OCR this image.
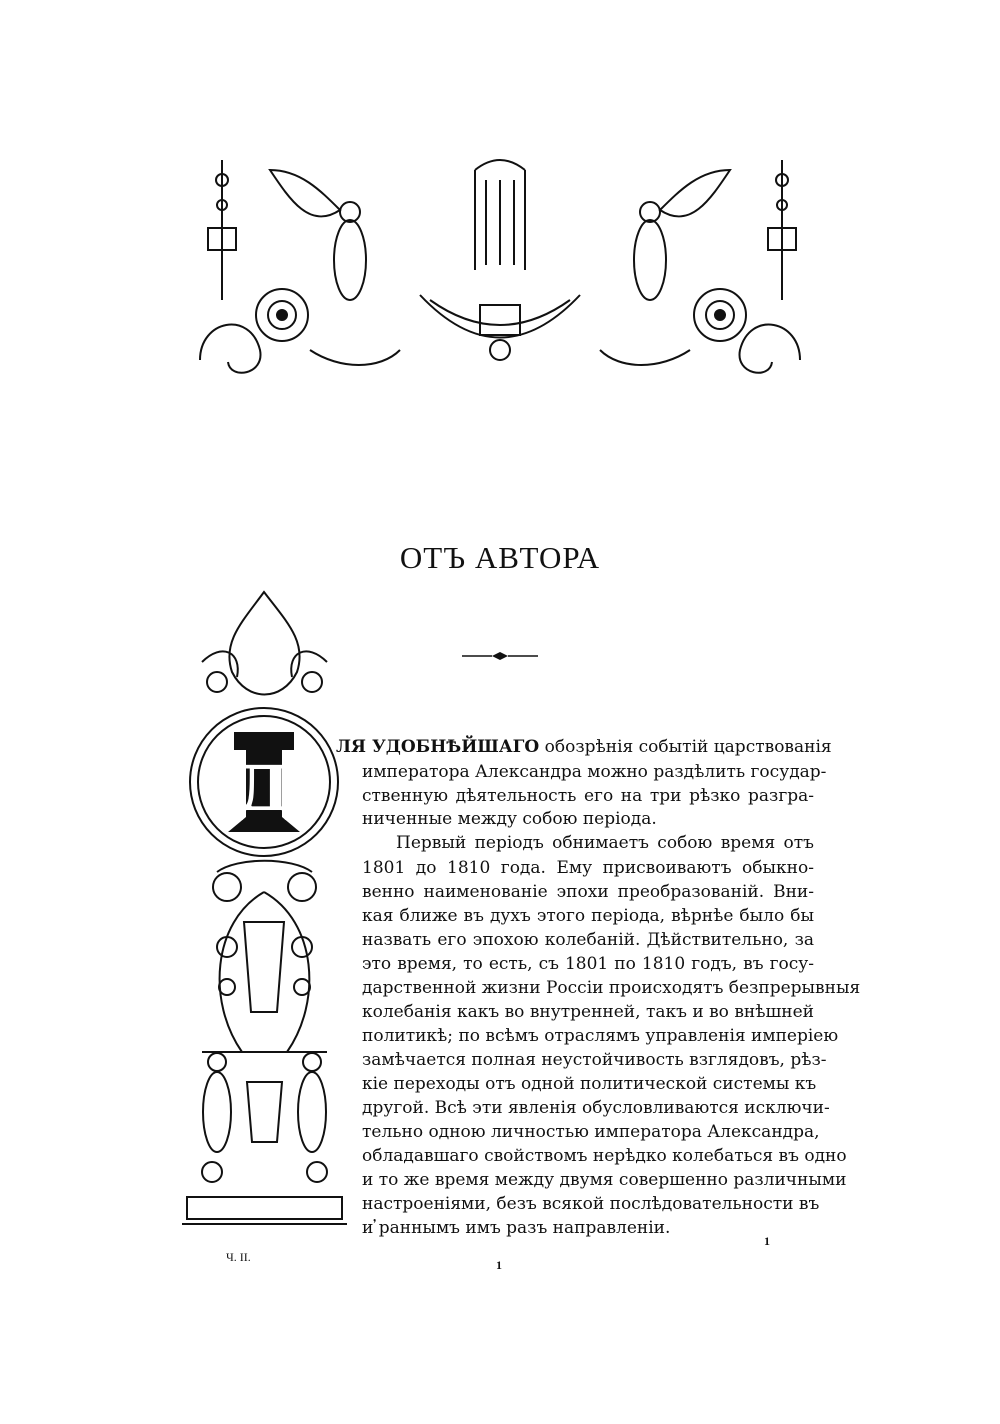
ОТЪ АВТОРА
Д
ЛЯ УДОБНѢЙШАГО обозрѣнія событій царствованія
императора Александра можно раздѣлить государ-
ственную дѣятельность его на три рѣзко разгра-
ниченные между собою періода.
Первый періодъ обнимаетъ собою время отъ
1801 до 1810 года. Ему присвоиваютъ обыкно-
венно наименованіе эпохи преобразованій. Вни-
кая ближе въ духъ этого періода, вѣрнѣе было бы
назвать его эпохою колебаній. Дѣйствительно, за
это время, то есть, съ 1801 по 1810 годъ, въ госу-
дарственной жизни Россіи происходятъ безпрерывныя
колебанія какъ во внутренней, такъ и во внѣшней
политикѣ; по всѣмъ отраслямъ управленія имперіею
замѣчается полная неустойчивость взглядовъ, рѣз-
кіе переходы отъ одной политической системы къ
другой. Всѣ эти явленія обусловливаются исключи-
тельно одною личностью императора Александра,
обладавшаго свойствомъ нерѣдко колебаться въ одно
и то же время между двумя совершенно различными
настроеніями, безъ всякой послѣдовательности въ
и ̓раннымъ имъ разъ направленіи.
Ч. II.
1
1
